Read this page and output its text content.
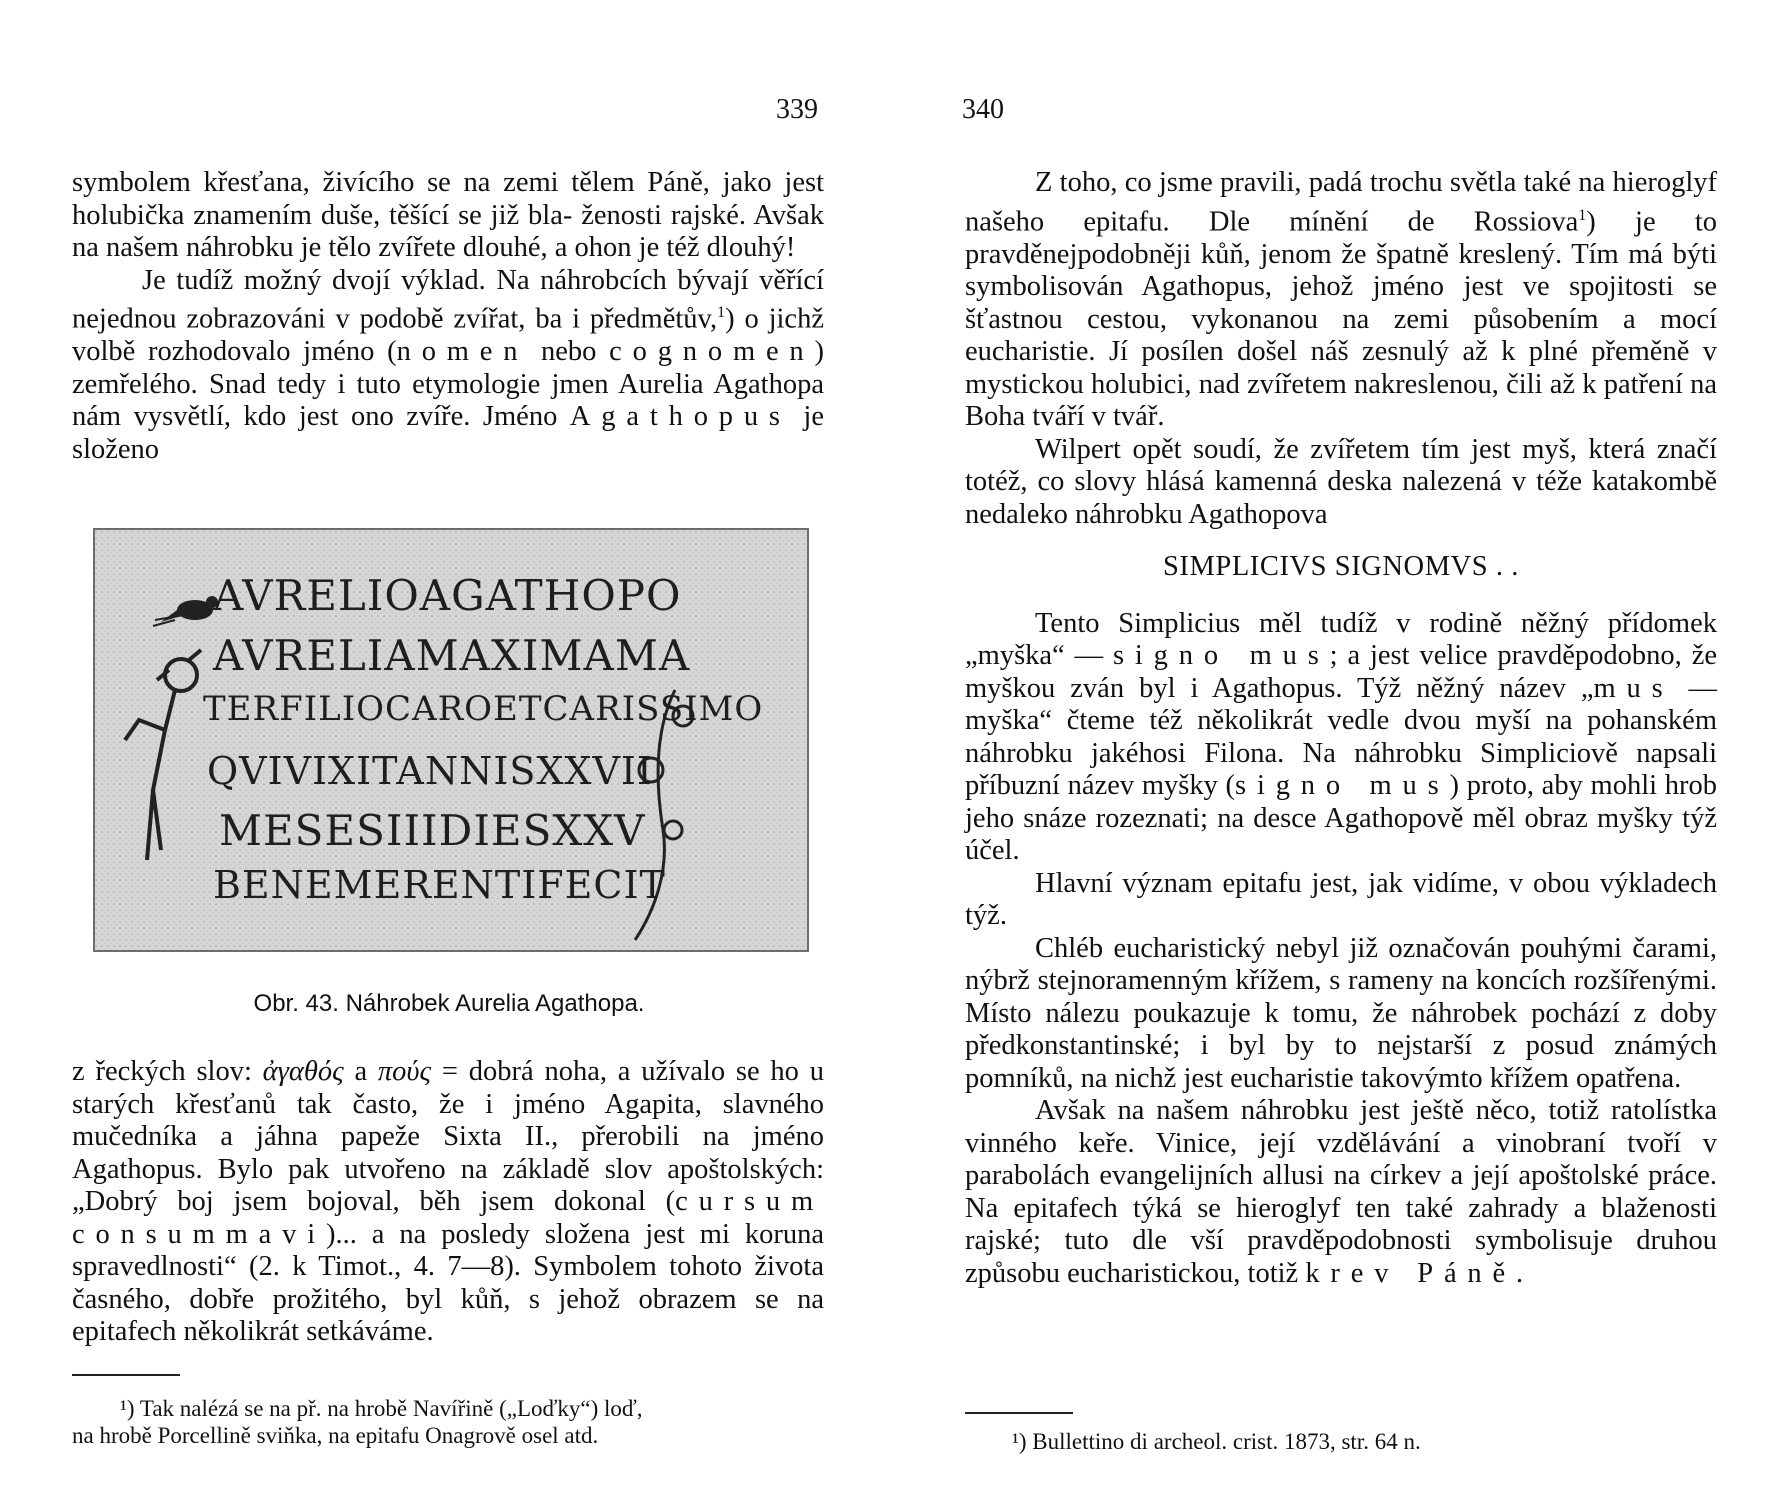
339	340

symbolem křesťana, živícího se na zemi tělem Páně, jako jest holubička znamením duše, těšící se již bla- ženosti rajské. Avšak na našem náhrobku je tělo zvířete dlouhé, a ohon je též dlouhý!

Je tudíž možný dvojí výklad. Na náhrobcích bývají věřící nejednou zobrazováni v podobě zvířat, ba i předmětův,$^1$) o jichž volbě rozhodovalo jméno (nomen nebo cognomen) zemřelého. Snad tedy i tuto etymologie jmen Aurelia Agathopa nám vysvětlí, kdo jest ono zvíře. Jméno Agathopus je složeno

AVRELIOAGATHOPO
AVRELIAMAXIMAMA
TERFILIOCAROETCARISSIMO
QVIVIXITANNISXXVII
MESESIIIDIESXXV
BENEMERENTIFECIT
Obr. 43. Náhrobek Aurelia Agathopa.

z řeckých slov: ἀγαθός a πούς = dobrá noha, a užívalo se ho u starých křesťanů tak často, že i jméno Agapita, slavného mučedníka a jáhna papeže Sixta II., přerobili na jméno Agathopus. Bylo pak utvořeno na základě slov apoštolských: „Dobrý boj jsem bojoval, běh jsem dokonal (cursum consummavi)... a na posledy složena jest mi koruna spravedlnosti“ (2. k Timot., 4. 7—8). Symbolem tohoto života časného, dobře prožitého, byl kůň, s jehož obrazem se na epitafech několikrát setkáváme.

¹) Tak nalézá se na př. na hrobě Navířině („Loďky“) loď,
na hrobě Porcellině sviňka, na epitafu Onagrově osel atd.

Z toho, co jsme pravili, padá trochu světla také na hieroglyf našeho epitafu. Dle mínění de Rossiova$^1$) je to pravděnejpodobněji kůň, jenom že špatně kreslený. Tím má býti symbolisován Agathopus, jehož jméno jest ve spojitosti se šťastnou cestou, vykonanou na zemi působením a mocí eucharistie. Jí posílen došel náš zesnulý až k plné přeměně v mystickou holubici, nad zvířetem nakreslenou, čili až k patření na Boha tváří v tvář.

Wilpert opět soudí, že zvířetem tím jest myš, která značí totéž, co slovy hlásá kamenná deska nalezená v téže katakombě nedaleko náhrobku Agathopova

SIMPLICIVS SIGNOMVS . .

Tento Simplicius měl tudíž v rodině něžný přídomek „myška“ — signo mus; a jest velice pravděpodobno, že myškou zván byl i Agathopus. Týž něžný název „mus — myška“ čteme též několikrát vedle dvou myší na pohanském náhrobku jakéhosi Filona. Na náhrobku Simpliciově napsali příbuzní název myšky (signo mus) proto, aby mohli hrob jeho snáze rozeznati; na desce Agathopově měl obraz myšky týž účel.

Hlavní význam epitafu jest, jak vidíme, v obou výkladech týž.

Chléb eucharistický nebyl již označován pouhými čarami, nýbrž stejnoramenným křížem, s rameny na koncích rozšířenými. Místo nálezu poukazuje k tomu, že náhrobek pochází z doby předkonstantinské; i byl by to nejstarší z posud známých pomníků, na nichž jest eucharistie takovýmto křížem opatřena.

Avšak na našem náhrobku jest ještě něco, totiž ratolístka vinného keře. Vinice, její vzdělávání a vinobraní tvoří v parabolách evangelijních allusi na církev a její apoštolské práce. Na epitafech týká se hieroglyf ten také zahrady a blaženosti rajské; tuto dle vší pravděpodobnosti symbolisuje druhou způsobu eucharistickou, totiž krev Páně.

¹) Bullettino di archeol. crist. 1873, str. 64 n.
